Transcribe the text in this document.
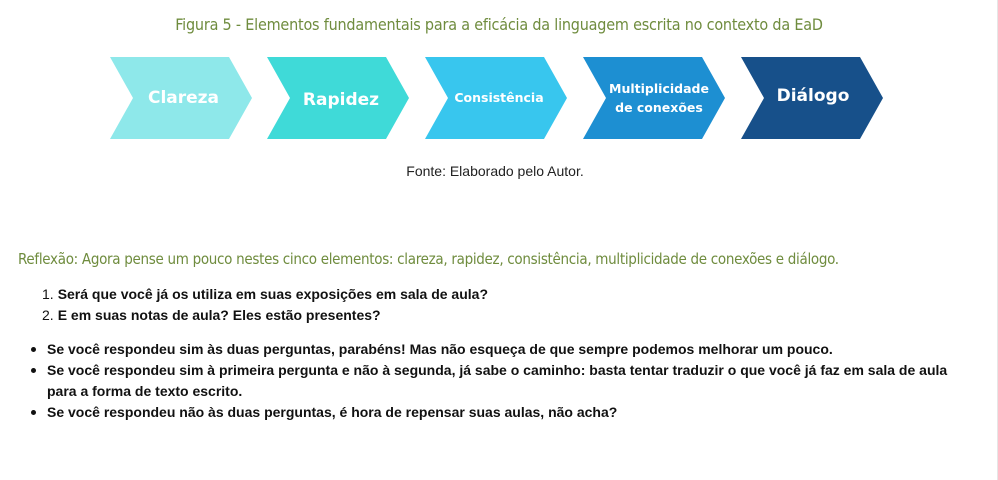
Figura 5 - Elementos fundamentais para a eficácia da linguagem escrita no contexto da EaD
Clareza	Rapidez	Consistência
Multiplicidade de conexões
Diálogo
Fonte: Elaborado pelo Autor.
Reflexão: Agora pense um pouco nestes cinco elementos: clareza, rapidez, consistência, multiplicidade de conexões e diálogo.
1. Será que você já os utiliza em suas exposições em sala de aula?
2. E em suas notas de aula? Eles estão presentes?
Se você respondeu sim às duas perguntas, parabéns! Mas não esqueça de que sempre podemos melhorar um pouco.
Se você respondeu sim à primeira pergunta e não à segunda, já sabe o caminho: basta tentar traduzir o que você já faz em sala de aula para a forma de texto escrito.
Se você respondeu não às duas perguntas, é hora de repensar suas aulas, não acha?
